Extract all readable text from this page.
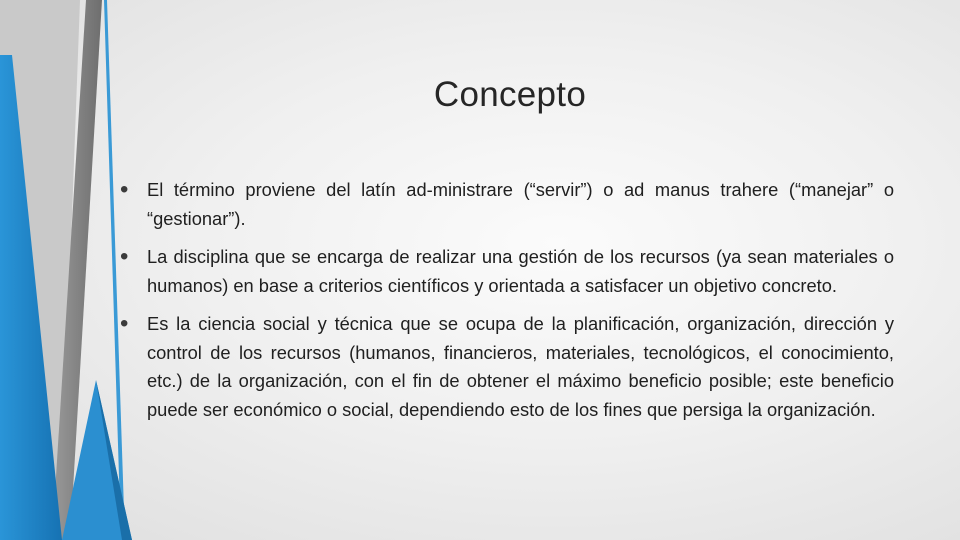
Concepto
• El término proviene del latín ad-ministrare (“servir”) o ad manus trahere (“manejar” o “gestionar”).
• La disciplina que se encarga de realizar una gestión de los recursos (ya sean materiales o humanos) en base a criterios científicos y orientada a satisfacer un objetivo concreto.
• Es la ciencia social y técnica que se ocupa de la planificación, organización, dirección y control de los recursos (humanos, financieros, materiales, tecnológicos, el conocimiento, etc.) de la organización, con el fin de obtener el máximo beneficio posible; este beneficio puede ser económico o social, dependiendo esto de los fines que persiga la organización.
